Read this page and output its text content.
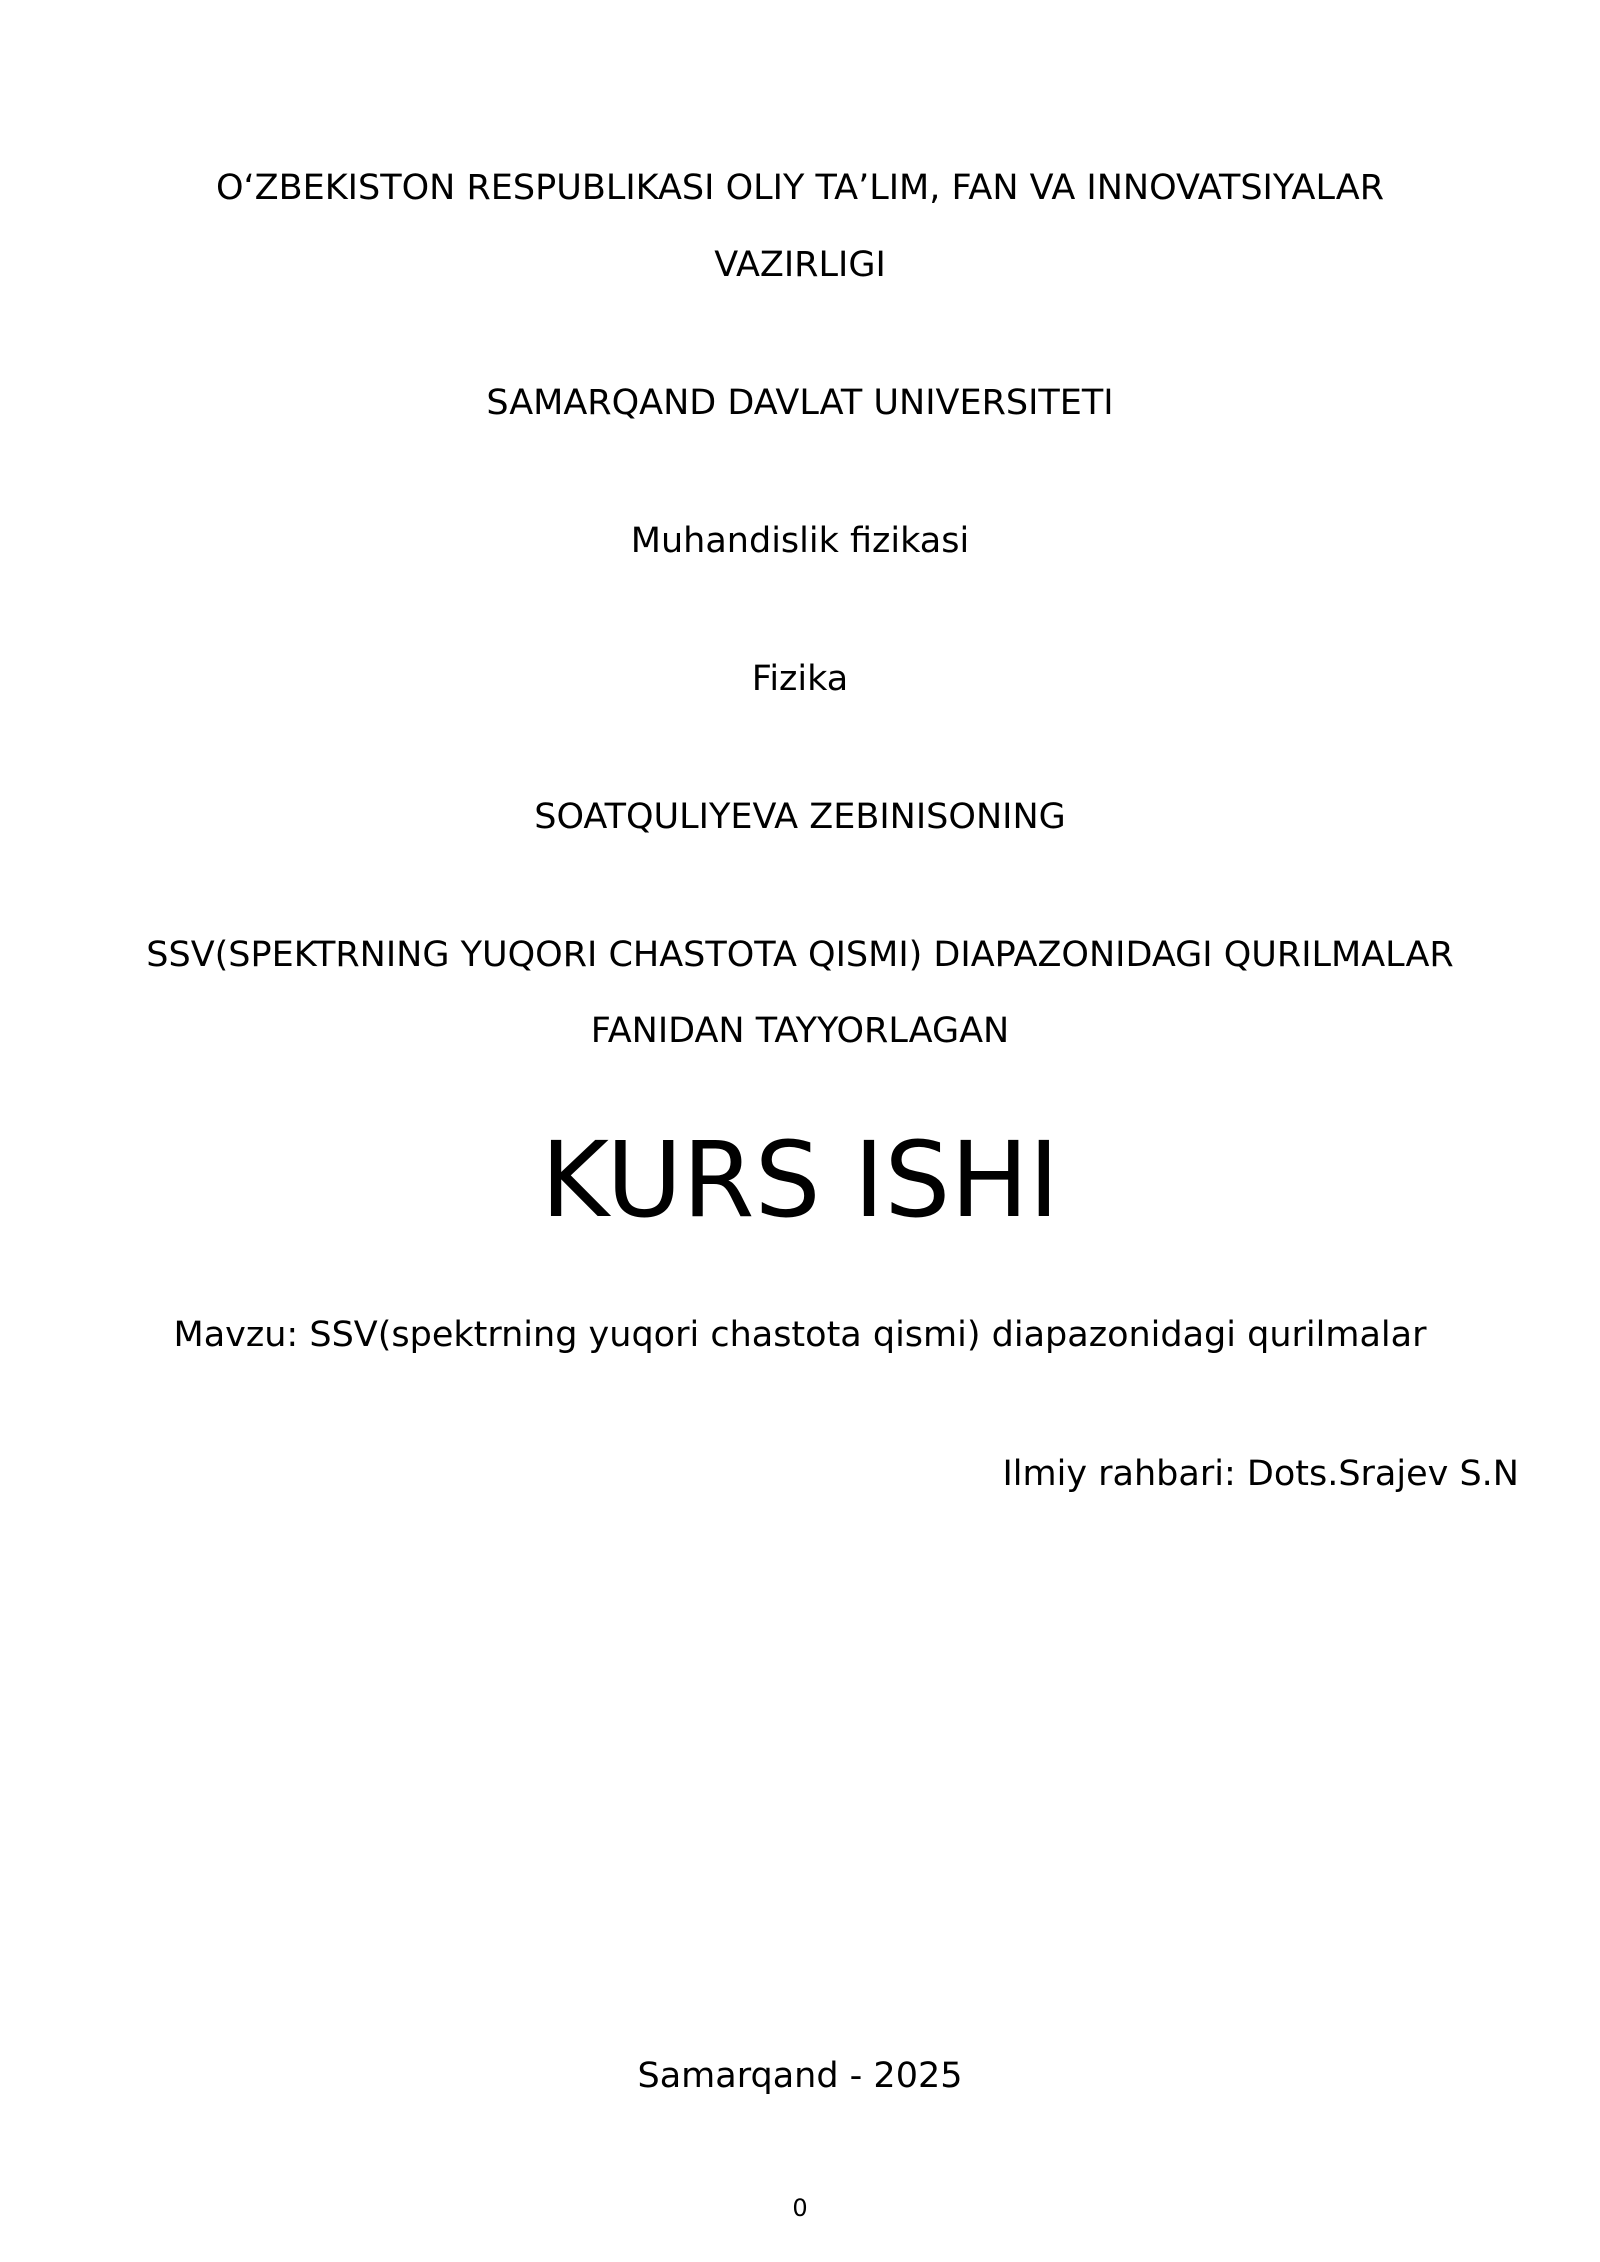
O‘ZBEKISTON RESPUBLIKASI OLIY TA’LIM, FAN VA INNOVATSIYALAR
VAZIRLIGI
SAMARQAND DAVLAT UNIVERSITETI
Muhandislik fizikasi
Fizika
SOATQULIYEVA ZEBINISONING
SSV(SPEKTRNING YUQORI CHASTOTA QISMI) DIAPAZONIDAGI QURILMALAR
FANIDAN TAYYORLAGAN
KURS ISHI
Mavzu: SSV(spektrning yuqori chastota qismi) diapazonidagi qurilmalar
Ilmiy rahbari: Dots.Srajev S.N
Samarqand - 2025
0
